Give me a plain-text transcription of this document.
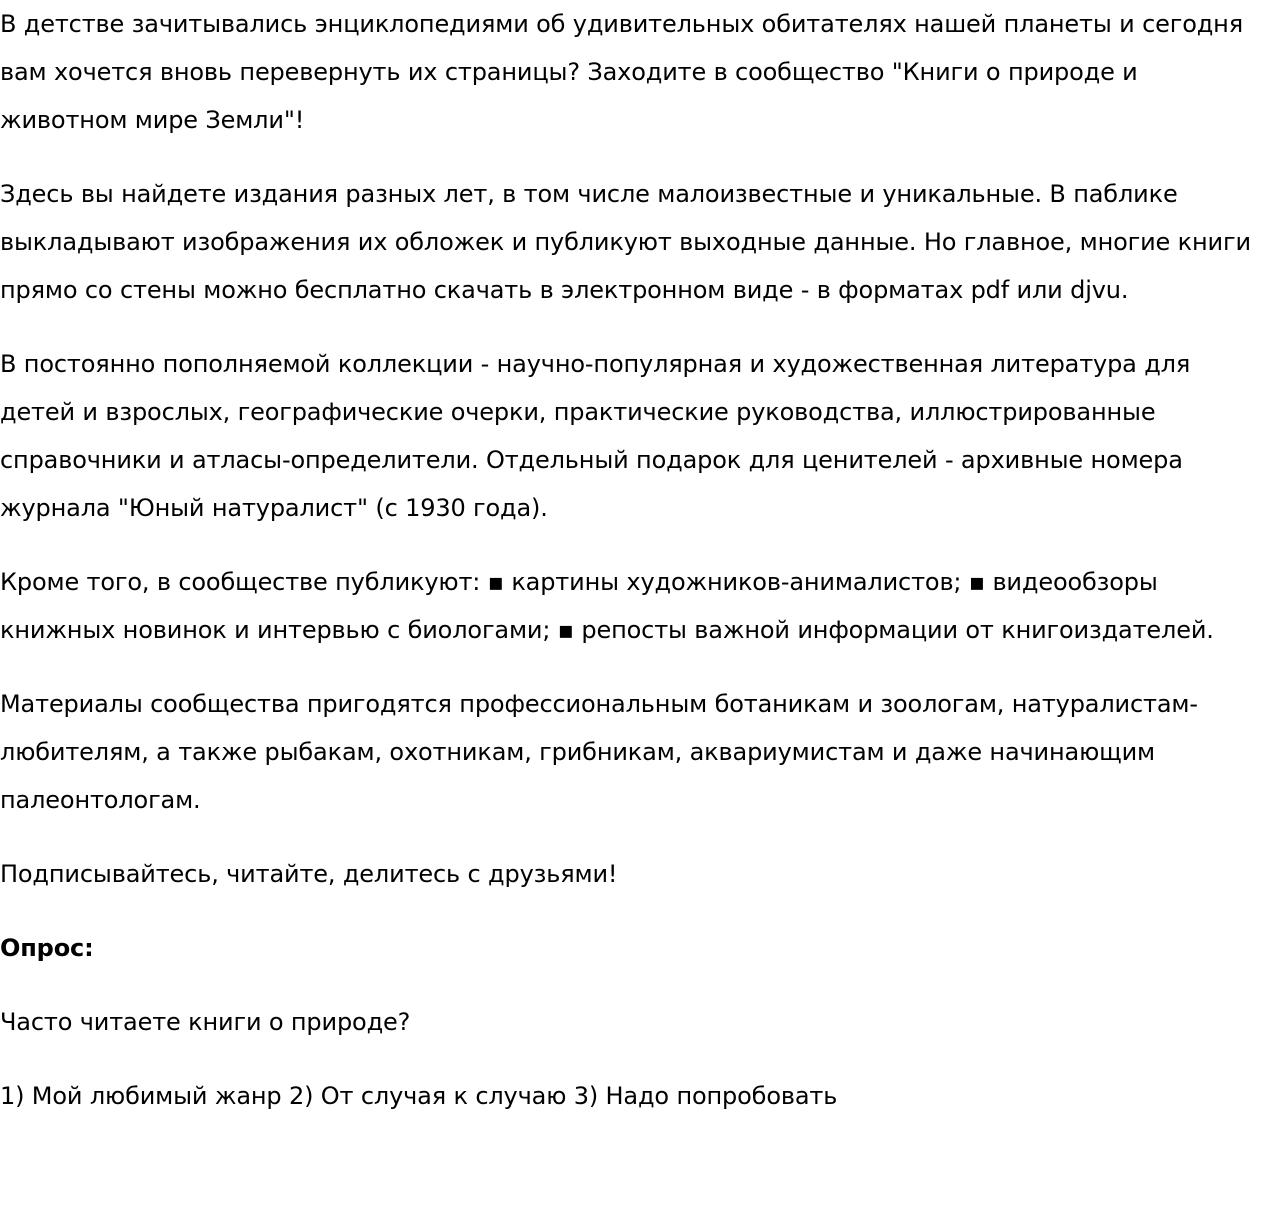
В детстве зачитывались энциклопедиями об удивительных обитателях нашей планеты и сегодня вам хочется вновь перевернуть их страницы? Заходите в сообщество "Книги о природе и животном мире Земли"!

Здесь вы найдете издания разных лет, в том числе малоизвестные и уникальные. В паблике выкладывают изображения их обложек и публикуют выходные данные. Но главное, многие книги прямо со стены можно бесплатно скачать в электронном виде - в форматах pdf или djvu.

В постоянно пополняемой коллекции - научно-популярная и художественная литература для детей и взрослых, географические очерки, практические руководства, иллюстрированные справочники и атласы-определители. Отдельный подарок для ценителей - архивные номера журнала "Юный натуралист" (с 1930 года).

Кроме того, в сообществе публикуют: ▪ картины художников-анималистов; ▪ видеообзоры книжных новинок и интервью с биологами; ▪ репосты важной информации от книгоиздателей.

Материалы сообщества пригодятся профессиональным ботаникам и зоологам, натуралистам-любителям, а также рыбакам, охотникам, грибникам, аквариумистам и даже начинающим палеонтологам.

Подписывайтесь, читайте, делитесь с друзьями!

Опрос:

Часто читаете книги о природе?

1) Мой любимый жанр 2) От случая к случаю 3) Надо попробовать
